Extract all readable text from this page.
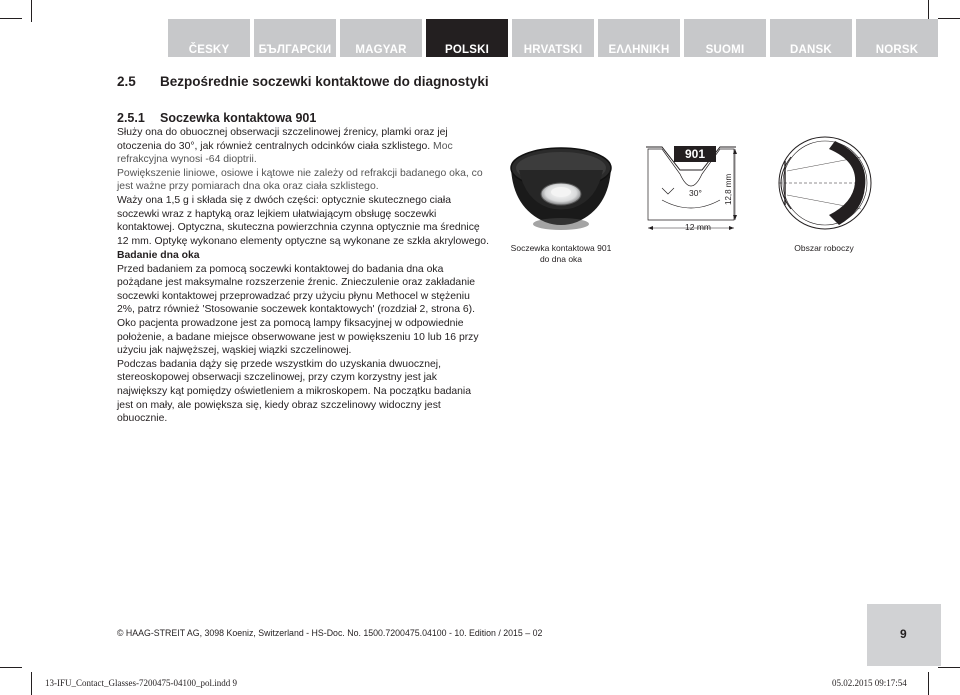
ČESKY	БЪЛГАРСКИ	MAGYAR	POLSKI	HRVATSKI	ΕΛΛΗΝΙΚΗ	SUOMI	DANSK	NORSK
2.5 Bezpośrednie soczewki kontaktowe do diagnostyki
2.5.1 Soczewka kontaktowa 901

Służy ona do obuocznej obserwacji szczelinowej źrenicy, plamki oraz jej otoczenia do 30°, jak również centralnych odcinków ciała szklistego. Moc refrakcyjna wynosi -64 dioptrii.

Powiększenie liniowe, osiowe i kątowe nie zależy od refrakcji badanego oka, co jest ważne przy pomiarach dna oka oraz ciała szklistego.

Waży ona 1,5 g i składa się z dwóch części: optycznie skutecznego ciała soczewki wraz z haptyką oraz lejkiem ułatwiającym obsługę soczewki kontaktowej. Optyczna, skuteczna powierzchnia czynna optycznie ma średnicę 12 mm. Optykę wykonano elementy optyczne są wykonane ze szkła akrylowego.

Badanie dna oka

Przed badaniem za pomocą soczewki kontaktowej do badania dna oka pożądane jest maksymalne rozszerzenie źrenic. Znieczulenie oraz zakładanie soczewki kontaktowej przeprowadzać przy użyciu płynu Methocel w stężeniu 2%, patrz również 'Stosowanie soczewek kontaktowych' (rozdział 2, strona 6).

Oko pacjenta prowadzone jest za pomocą lampy fiksacyjnej w odpowiednie położenie, a badane miejsce obserwowane jest w powiększeniu 10 lub 16 przy użyciu jak najwęższej, wąskiej wiązki szczelinowej.

Podczas badania dąży się przede wszystkim do uzyskania dwuocznej, stereoskopowej obserwacji szczelinowej, przy czym korzystny jest jak największy kąt pomiędzy oświetleniem a mikroskopem. Na początku badania jest on mały, ale powiększa się, kiedy obraz szczelinowy widoczny jest obuocznie.

Soczewka kontaktowa 901
do dna oka
901
30°
12 mm
12,8 mm
Obszar roboczy
© HAAG-STREIT AG, 3098 Koeniz, Switzerland - HS-Doc. No. 1500.7200475.04100 - 10. Edition / 2015 – 02	9
13-IFU_Contact_Glasses-7200475-04100_pol.indd 9	05.02.2015 09:17:54
